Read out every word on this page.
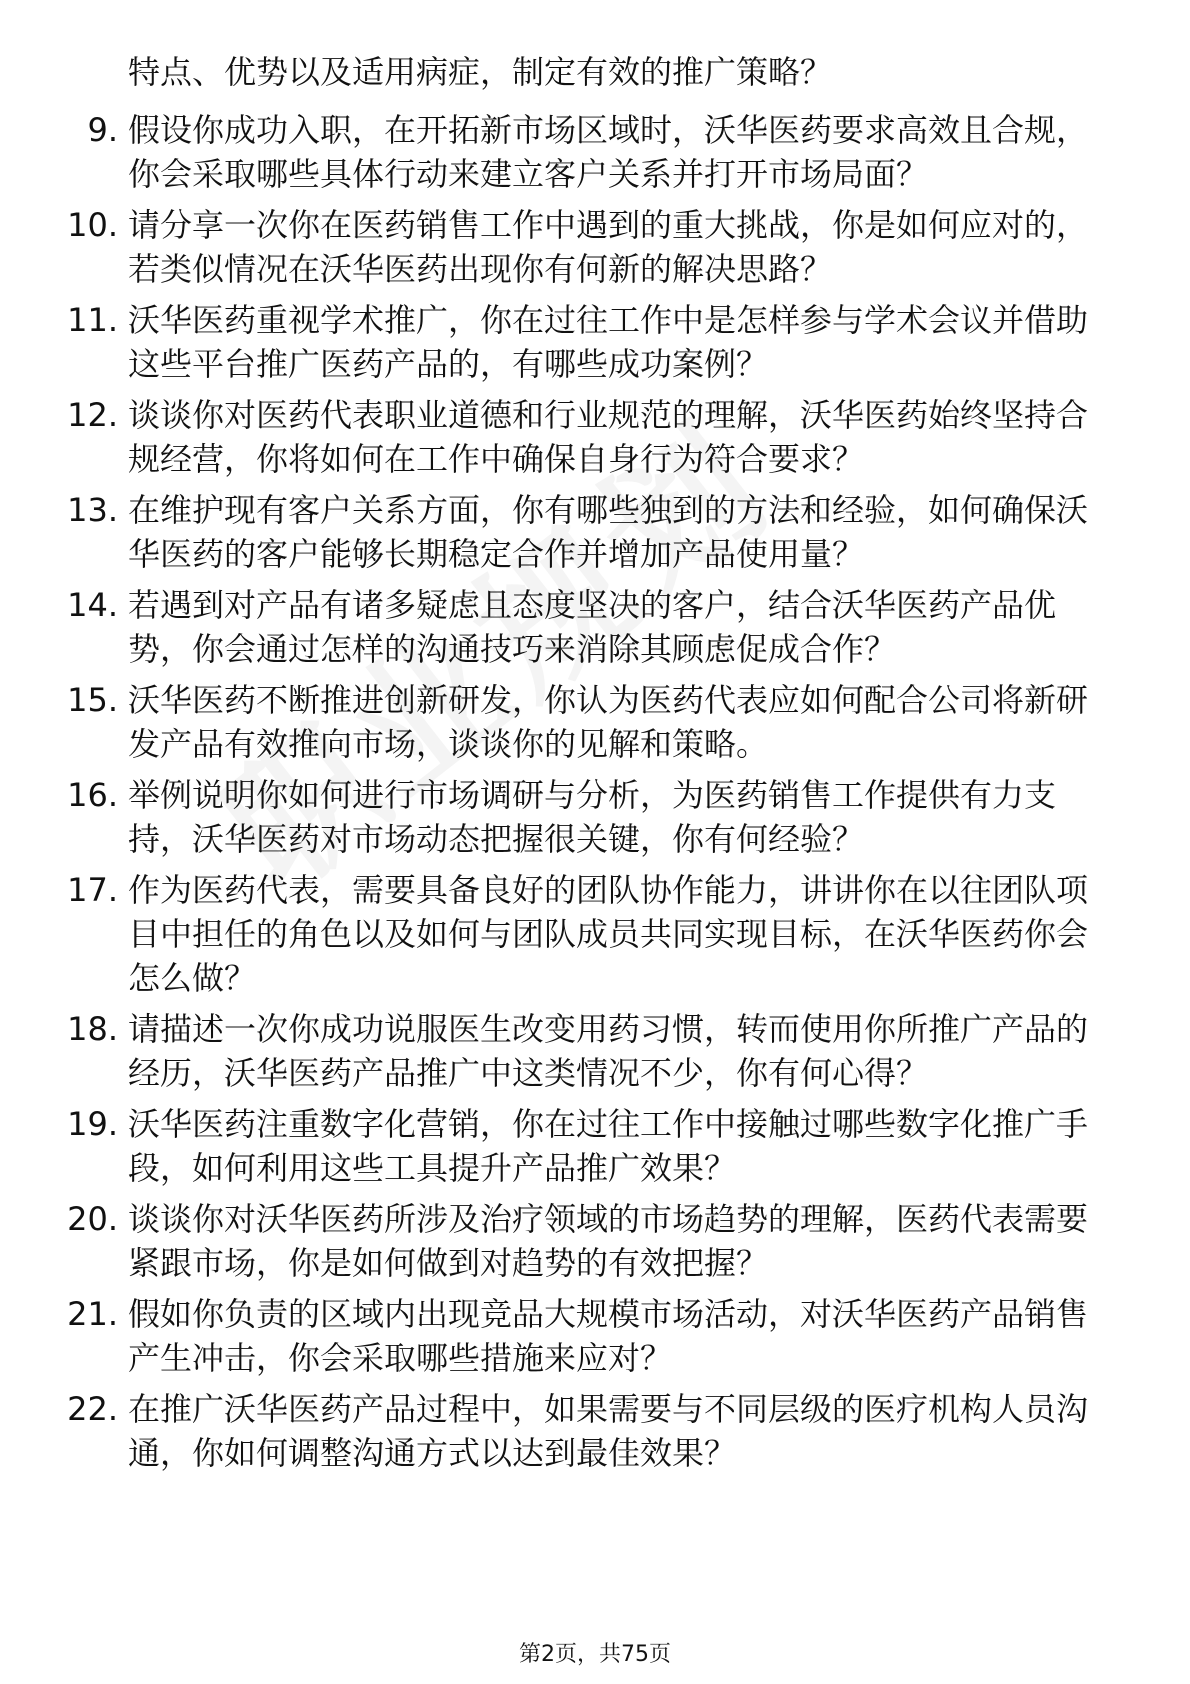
特点、优势以及适用病症，制定有效的推广策略？

9. 假设你成功入职，在开拓新市场区域时，沃华医药要求高效且合规，你会采取哪些具体行动来建立客户关系并打开市场局面？

10. 请分享一次你在医药销售工作中遇到的重大挑战，你是如何应对的，若类似情况在沃华医药出现你有何新的解决思路？

11. 沃华医药重视学术推广，你在过往工作中是怎样参与学术会议并借助这些平台推广医药产品的，有哪些成功案例？

12. 谈谈你对医药代表职业道德和行业规范的理解，沃华医药始终坚持合规经营，你将如何在工作中确保自身行为符合要求？

13. 在维护现有客户关系方面，你有哪些独到的方法和经验，如何确保沃华医药的客户能够长期稳定合作并增加产品使用量？

14. 若遇到对产品有诸多疑虑且态度坚决的客户，结合沃华医药产品优势，你会通过怎样的沟通技巧来消除其顾虑促成合作？

15. 沃华医药不断推进创新研发，你认为医药代表应如何配合公司将新研发产品有效推向市场，谈谈你的见解和策略。

16. 举例说明你如何进行市场调研与分析，为医药销售工作提供有力支持，沃华医药对市场动态把握很关键，你有何经验？

17. 作为医药代表，需要具备良好的团队协作能力，讲讲你在以往团队项目中担任的角色以及如何与团队成员共同实现目标，在沃华医药你会怎么做？

18. 请描述一次你成功说服医生改变用药习惯，转而使用你所推广产品的经历，沃华医药产品推广中这类情况不少，你有何心得？

19. 沃华医药注重数字化营销，你在过往工作中接触过哪些数字化推广手段，如何利用这些工具提升产品推广效果？

20. 谈谈你对沃华医药所涉及治疗领域的市场趋势的理解，医药代表需要紧跟市场，你是如何做到对趋势的有效把握？

21. 假如你负责的区域内出现竞品大规模市场活动，对沃华医药产品销售产生冲击，你会采取哪些措施来应对？

22. 在推广沃华医药产品过程中，如果需要与不同层级的医疗机构人员沟通，你如何调整沟通方式以达到最佳效果？

第2页，共75页
